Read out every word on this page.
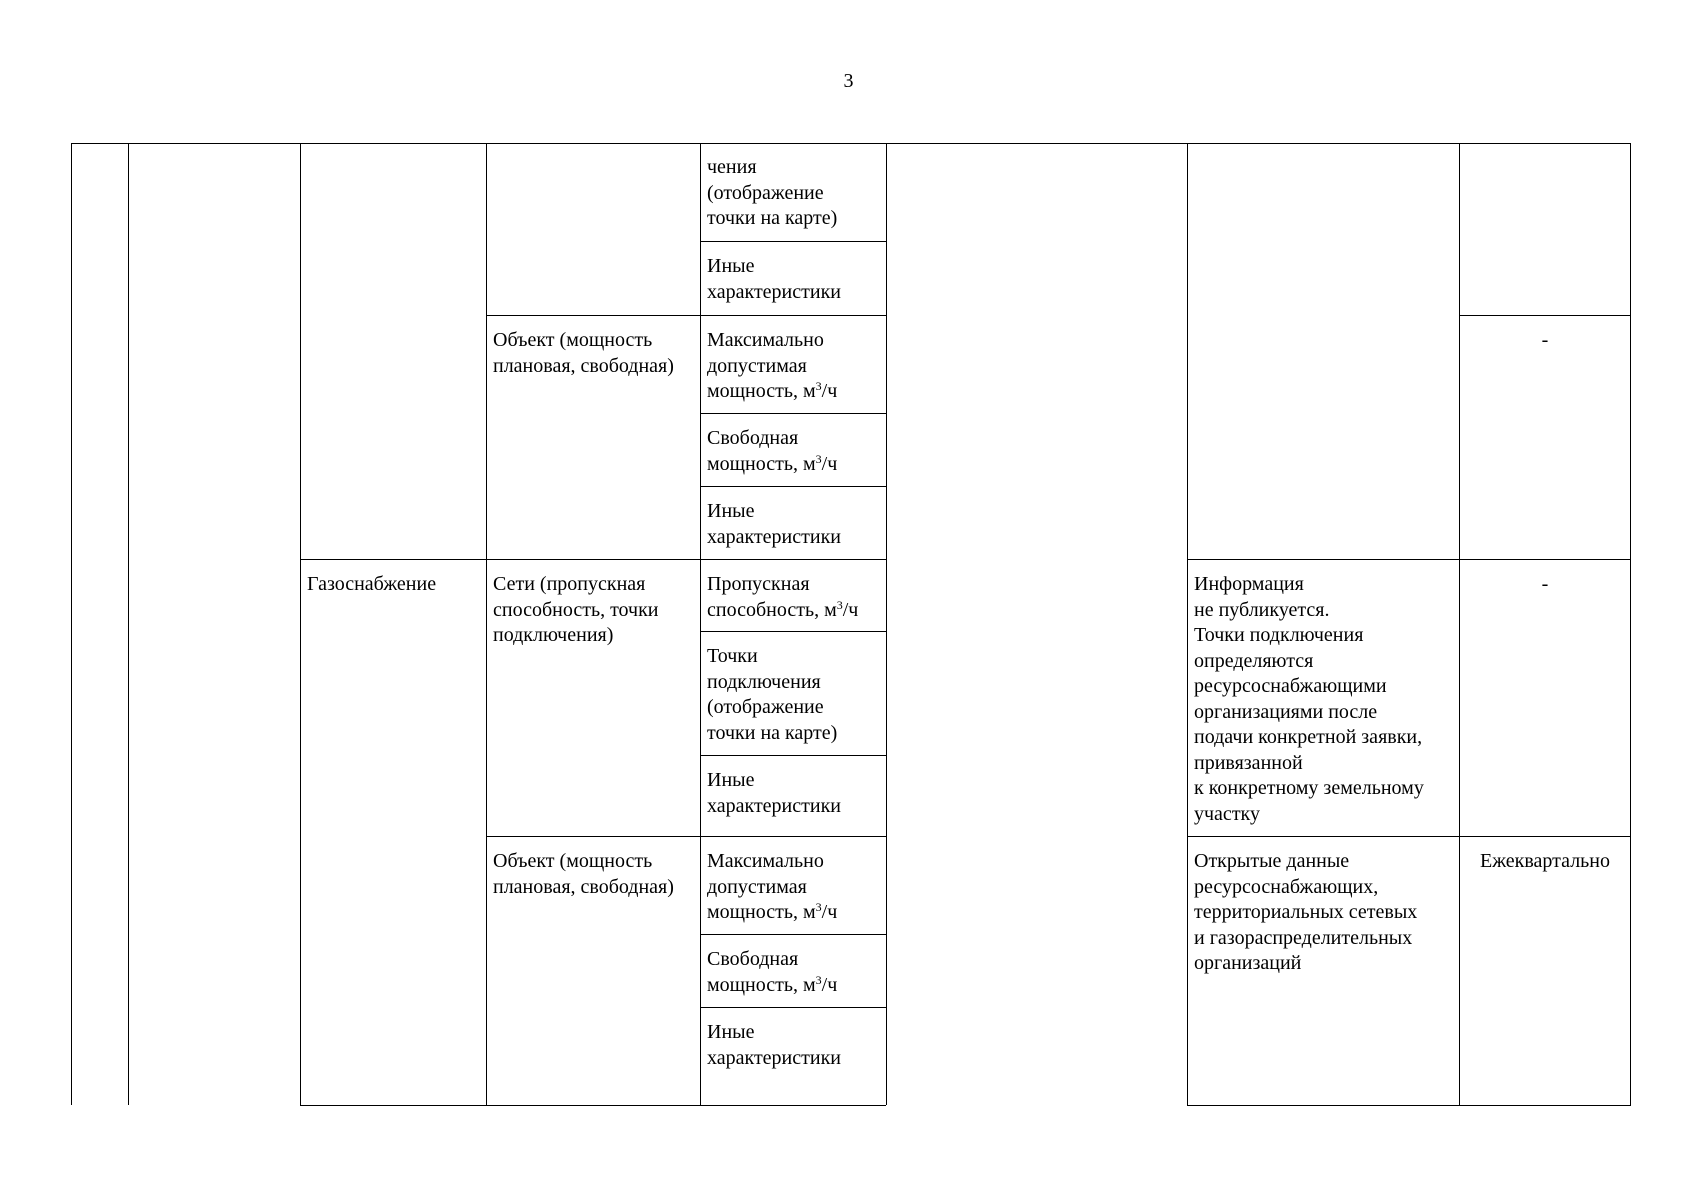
3
чения
(отображение
точки на карте)
Иные
характеристики
Объект (мощность
плановая, свободная)
Максимально
допустимая
мощность, $м^3/ч$
Свободная
мощность, $м^3/ч$
Иные
характеристики
-
Газоснабжение	Сети (пропускная
способность, точки
подключения)
Пропускная
способность, $м^3/ч$
Точки
подключения
(отображение
точки на карте)
Иные
характеристики
Информация
не публикуется.
Точки подключения
определяются
ресурсоснабжающими
организациями после
подачи конкретной заявки,
привязанной
к конкретному земельному
участку
-
Объект (мощность
плановая, свободная)
Максимально
допустимая
мощность, $м^3/ч$
Свободная
мощность, $м^3/ч$
Иные
характеристики
Открытые данные
ресурсоснабжающих,
территориальных сетевых
и газораспределительных
организаций
Ежеквартально
